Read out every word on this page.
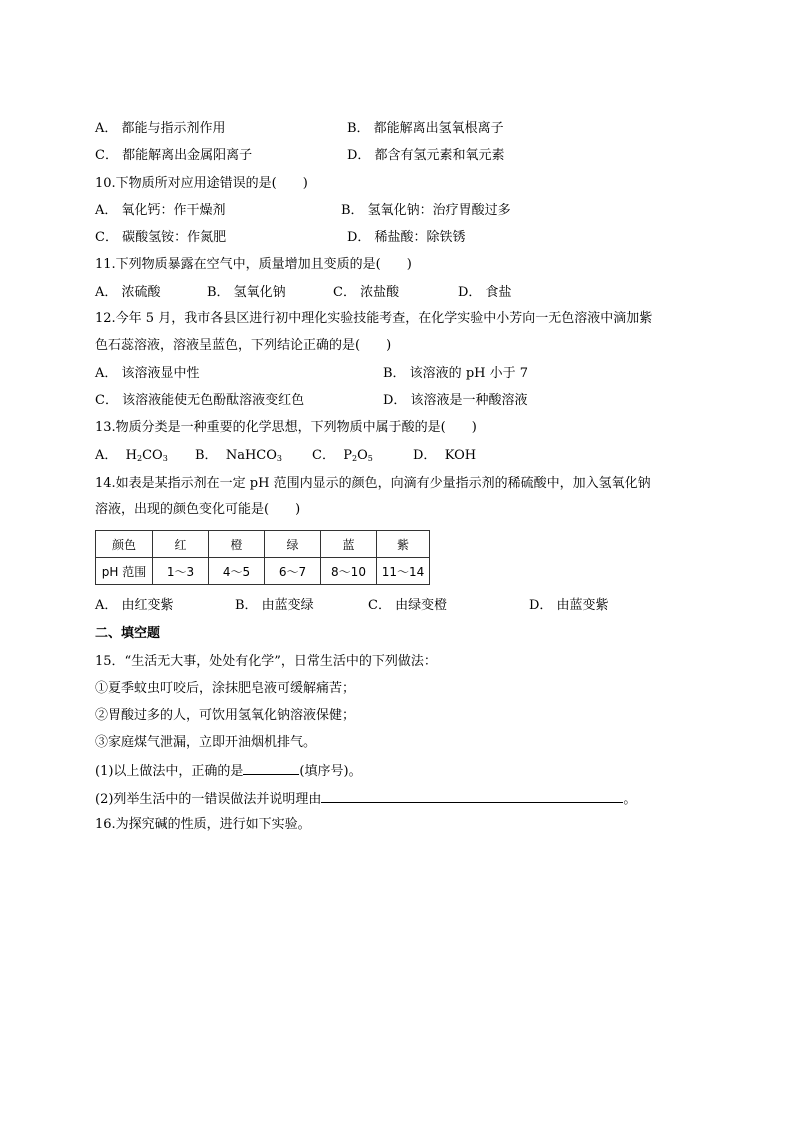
A． 都能与指示剂作用	B． 都能解离出氢氧根离子
C． 都能解离出金属阳离子	D． 都含有氢元素和氧元素
10.下物质所对应用途错误的是(　　)
A． 氧化钙：作干燥剂	B． 氢氧化钠：治疗胃酸过多
C． 碳酸氢铵：作氮肥	D． 稀盐酸：除铁锈
11.下列物质暴露在空气中，质量增加且变质的是(　　)
A． 浓硫酸	B． 氢氧化钠	C． 浓盐酸	D． 食盐
12.今年 5 月，我市各县区进行初中理化实验技能考查，在化学实验中小芳向一无色溶液中滴加紫
色石蕊溶液，溶液呈蓝色，下列结论正确的是(　　)
A． 该溶液显中性	B． 该溶液的 pH 小于 7
C． 该溶液能使无色酚酞溶液变红色	D． 该溶液是一种酸溶液
13.物质分类是一种重要的化学思想，下列物质中属于酸的是(　　)
A． $H_2CO_3$ B． NaHCO$_3$ C． $P_2O_5$	D． KOH
14.如表是某指示剂在一定 pH 范围内显示的颜色，向滴有少量指示剂的稀硫酸中，加入氢氧化钠
溶液，出现的颜色变化可能是(　　)
颜色	红	橙	绿	蓝	紫
pH 范围	1～3	4～5	6～7	8～10	11～14
A． 由红变紫	B． 由蓝变绿	C． 由绿变橙	D． 由蓝变紫
二、填空题
15．“生活无大事，处处有化学”，日常生活中的下列做法：
①夏季蚊虫叮咬后，涂抹肥皂液可缓解痛苦；
②胃酸过多的人，可饮用氢氧化钠溶液保健；
③家庭煤气泄漏，立即开油烟机排气。
(1)以上做法中，正确的是	(填序号)。
(2)列举生活中的一错误做法并说明理由	。
16.为探究碱的性质，进行如下实验。
